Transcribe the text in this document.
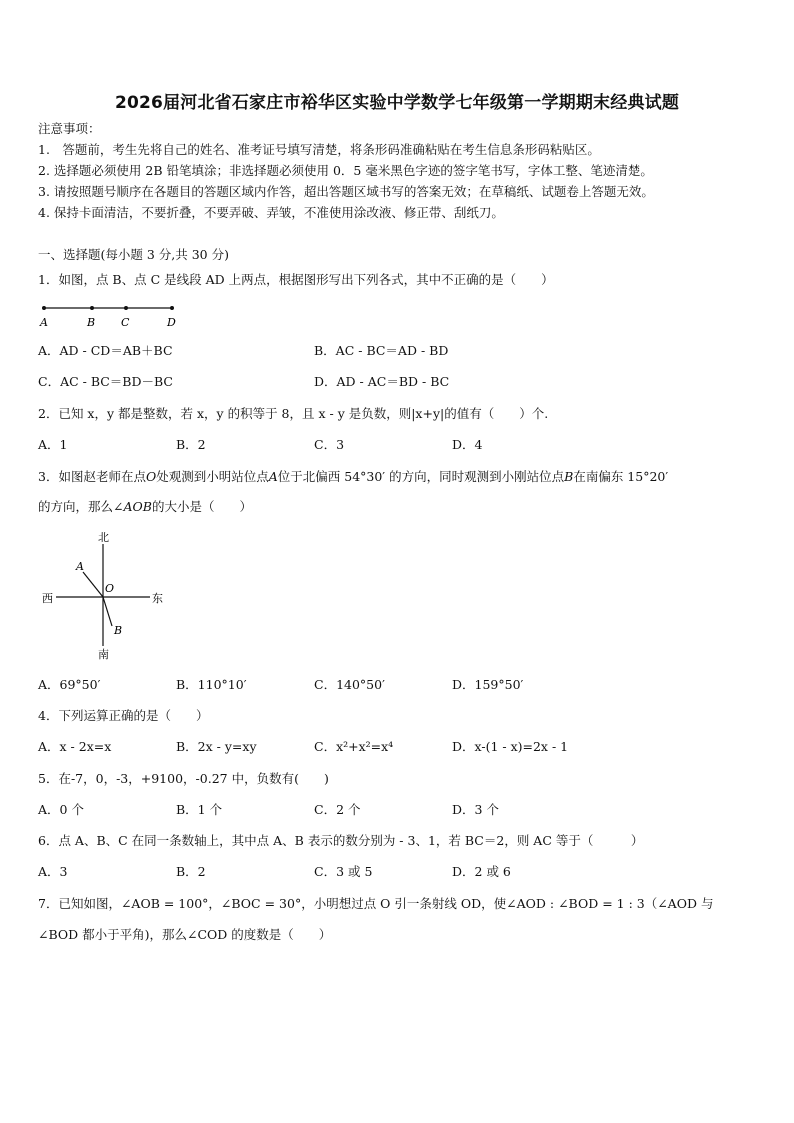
2026届河北省石家庄市裕华区实验中学数学七年级第一学期期末经典试题
注意事项：
1.　答题前，考生先将自己的姓名、准考证号填写清楚，将条形码准确粘贴在考生信息条形码粘贴区。
2. 选择题必须使用 2B 铅笔填涂；非选择题必须使用 0．5 毫米黑色字迹的签字笔书写，字体工整、笔迹清楚。
3. 请按照题号顺序在各题目的答题区域内作答，超出答题区域书写的答案无效；在草稿纸、试题卷上答题无效。
4. 保持卡面清洁，不要折叠，不要弄破、弄皱，不准使用涂改液、修正带、刮纸刀。
一、选择题(每小题 3 分,共 30 分)
1．如图，点 B、点 C 是线段 AD 上两点，根据图形写出下列各式，其中不正确的是（　　）
A	B C	D
A．AD - CD＝AB＋BC	B．AC - BC＝AD - BD
C．AC - BC＝BD－BC	D．AD - AC＝BD - BC
2．已知 x，y 都是整数，若 x，y 的积等于 8，且 x - y 是负数，则|x+y|的值有（　　）个.
A．1	B．2	C．3	D．4
3．如图赵老师在点O处观测到小明站位点A位于北偏西 54°30′ 的方向，同时观测到小刚站位点B在南偏东 15°20′
的方向，那么∠AOB的大小是（　　）
北
南
西	东
A
O
B
A．69°50′	B．110°10′	C．140°50′	D．159°50′
4．下列运算正确的是（　　）
A．x - 2x=x	B．2x - y=xy	C．x²+x²=x⁴	D．x-(1 - x)=2x - 1
5．在-7，0，-3，+9100，-0.27 中，负数有(　　)
A．0 个	B．1 个	C．2 个	D．3 个
6．点 A、B、C 在同一条数轴上，其中点 A、B 表示的数分别为 - 3、1，若 BC＝2，则 AC 等于（　　　）
A．3	B．2	C．3 或 5	D．2 或 6
7．已知如图，∠AOB = 100°，∠BOC = 30°，小明想过点 O 引一条射线 OD，使∠AOD : ∠BOD = 1 : 3（∠AOD 与
∠BOD 都小于平角)，那么∠COD 的度数是（　　）
